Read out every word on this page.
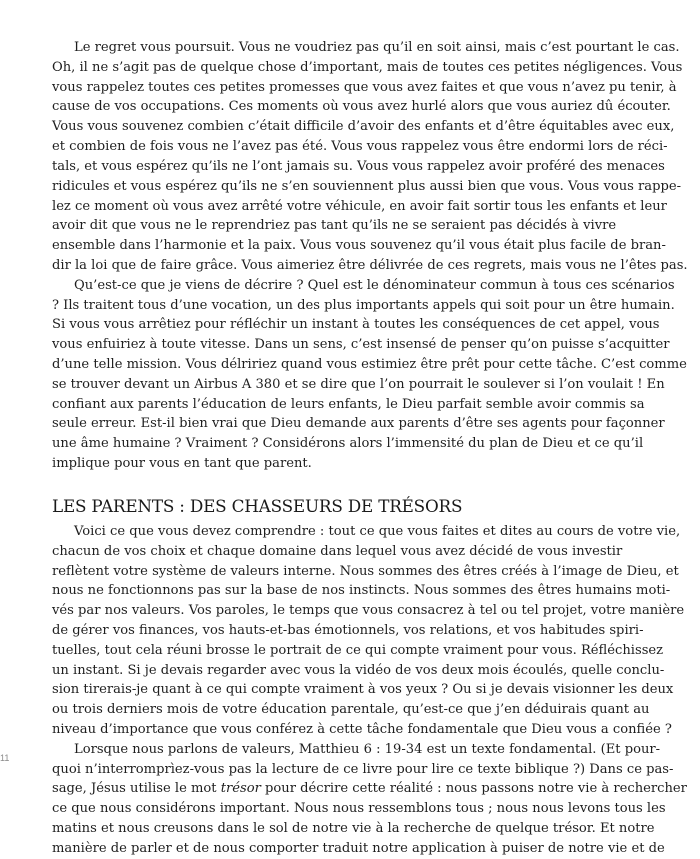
Le regret vous poursuit. Vous ne voudriez pas qu’il en soit ainsi, mais c’est pourtant le cas.
Oh, il ne s’agit pas de quelque chose d’important, mais de toutes ces petites négligences. Vous
vous rappelez toutes ces petites promesses que vous avez faites et que vous n’avez pu tenir, à
cause de vos occupations. Ces moments où vous avez hurlé alors que vous auriez dû écouter.
Vous vous souvenez combien c’était difficile d’avoir des enfants et d’être équitables avec eux,
et combien de fois vous ne l’avez pas été. Vous vous rappelez vous être endormi lors de réci-
tals, et vous espérez qu’ils ne l’ont jamais su. Vous vous rappelez avoir proféré des menaces
ridicules et vous espérez qu’ils ne s’en souviennent plus aussi bien que vous. Vous vous rappe-
lez ce moment où vous avez arrêté votre véhicule, en avoir fait sortir tous les enfants et leur
avoir dit que vous ne le reprendriez pas tant qu’ils ne se seraient pas décidés à vivre
ensemble dans l’harmonie et la paix. Vous vous souvenez qu’il vous était plus facile de bran-
dir la loi que de faire grâce. Vous aimeriez être délivrée de ces regrets, mais vous ne l’êtes pas.
Qu’est-ce que je viens de décrire ? Quel est le dénominateur commun à tous ces scénarios
? Ils traitent tous d’une vocation, un des plus importants appels qui soit pour un être humain.
Si vous vous arrêtiez pour réfléchir un instant à toutes les conséquences de cet appel, vous
vous enfuiriez à toute vitesse. Dans un sens, c’est insensé de penser qu’on puisse s’acquitter
d’une telle mission. Vous délririez quand vous estimiez être prêt pour cette tâche. C’est comme
se trouver devant un Airbus A 380 et se dire que l’on pourrait le soulever si l’on voulait ! En
confiant aux parents l’éducation de leurs enfants, le Dieu parfait semble avoir commis sa
seule erreur. Est-il bien vrai que Dieu demande aux parents d’être ses agents pour façonner
une âme humaine ? Vraiment ? Considérons alors l’immensité du plan de Dieu et ce qu’il
implique pour vous en tant que parent.
LES PARENTS : DES CHASSEURS DE TRÉSORS
Voici ce que vous devez comprendre : tout ce que vous faites et dites au cours de votre vie,
chacun de vos choix et chaque domaine dans lequel vous avez décidé de vous investir
reflètent votre système de valeurs interne. Nous sommes des êtres créés à l’image de Dieu, et
nous ne fonctionnons pas sur la base de nos instincts. Nous sommes des êtres humains moti-
vés par nos valeurs. Vos paroles, le temps que vous consacrez à tel ou tel projet, votre manière
de gérer vos finances, vos hauts-et-bas émotionnels, vos relations, et vos habitudes spiri-
tuelles, tout cela réuni brosse le portrait de ce qui compte vraiment pour vous. Réfléchissez
un instant. Si je devais regarder avec vous la vidéo de vos deux mois écoulés, quelle conclu-
sion tirerais-je quant à ce qui compte vraiment à vos yeux ? Ou si je devais visionner les deux
ou trois derniers mois de votre éducation parentale, qu’est-ce que j’en déduirais quant au
niveau d’importance que vous conférez à cette tâche fondamentale que Dieu vous a confiée ?
Lorsque nous parlons de valeurs, Matthieu 6 : 19-34 est un texte fondamental. (Et pour-
quoi n’interromprìez-vous pas la lecture de ce livre pour lire ce texte biblique ?) Dans ce pas-
sage, Jésus utilise le mot trésor pour décrire cette réalité : nous passons notre vie à rechercher
ce que nous considérons important. Nous nous ressemblons tous ; nous nous levons tous les
matins et nous creusons dans le sol de notre vie à la recherche de quelque trésor. Et notre
manière de parler et de nous comporter traduit notre application à puiser de notre vie et de
11
